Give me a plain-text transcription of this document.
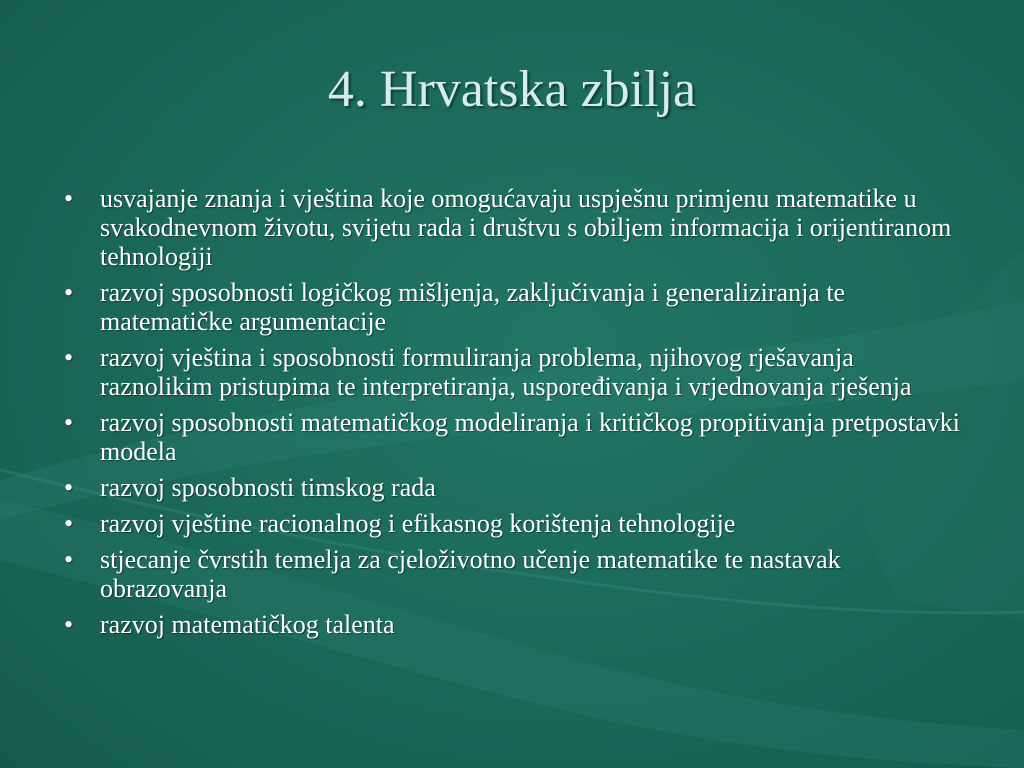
4. Hrvatska zbilja
• usvajanje znanja i vještina koje omogućavaju uspješnu primjenu matematike u svakodnevnom životu, svijetu rada i društvu s obiljem informacija i orijentiranom tehnologiji
• razvoj sposobnosti logičkog mišljenja, zaključivanja i generaliziranja te matematičke argumentacije
• razvoj vještina i sposobnosti formuliranja problema, njihovog rješavanja raznolikim pristupima te interpretiranja, uspoređivanja i vrjednovanja rješenja
• razvoj sposobnosti matematičkog modeliranja i kritičkog propitivanja pretpostavki modela
• razvoj sposobnosti timskog rada
• razvoj vještine racionalnog i efikasnog korištenja tehnologije
• stjecanje čvrstih temelja za cjeloživotno učenje matematike te nastavak obrazovanja
• razvoj matematičkog talenta
